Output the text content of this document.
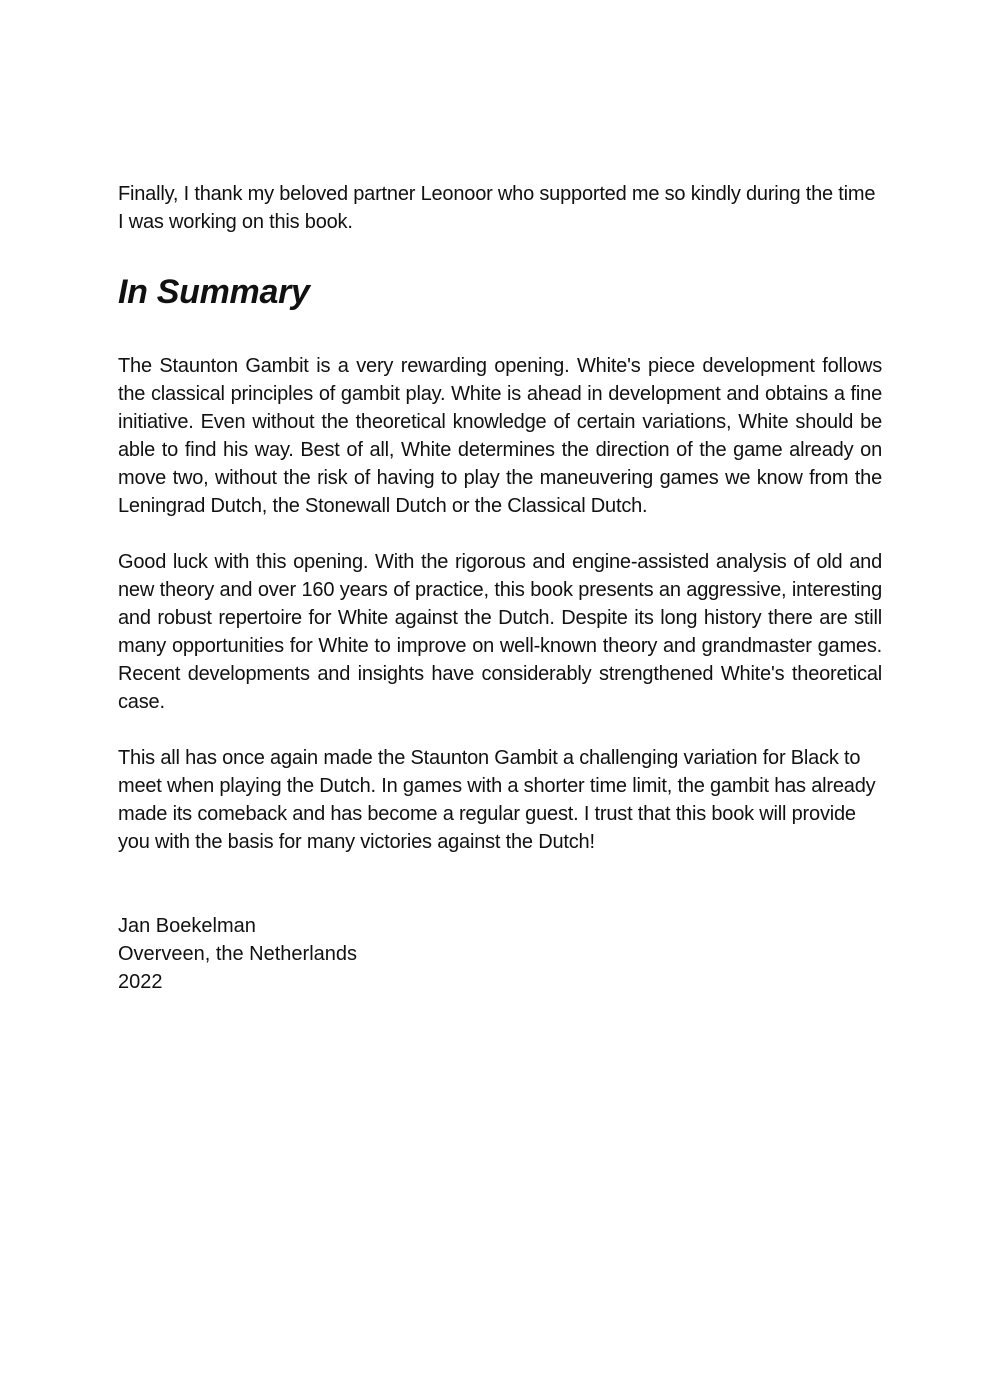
Finally, I thank my beloved partner Leonoor who supported me so kindly during the time I was working on this book.

In Summary

The Staunton Gambit is a very rewarding opening. White's piece development follows the classical principles of gambit play. White is ahead in development and obtains a fine initiative. Even without the theoretical knowledge of certain variations, White should be able to find his way. Best of all, White determines the direction of the game already on move two, without the risk of having to play the maneuvering games we know from the Leningrad Dutch, the Stonewall Dutch or the Classical Dutch.

Good luck with this opening. With the rigorous and engine-assisted analysis of old and new theory and over 160 years of practice, this book presents an aggressive, interesting and robust repertoire for White against the Dutch. Despite its long history there are still many opportunities for White to improve on well-known theory and grandmaster games. Recent developments and insights have considerably strengthened White's theoretical case.

This all has once again made the Staunton Gambit a challenging variation for Black to meet when playing the Dutch. In games with a shorter time limit, the gambit has already made its comeback and has become a regular guest. I trust that this book will provide you with the basis for many victories against the Dutch!

Jan Boekelman
Overveen, the Netherlands
2022
